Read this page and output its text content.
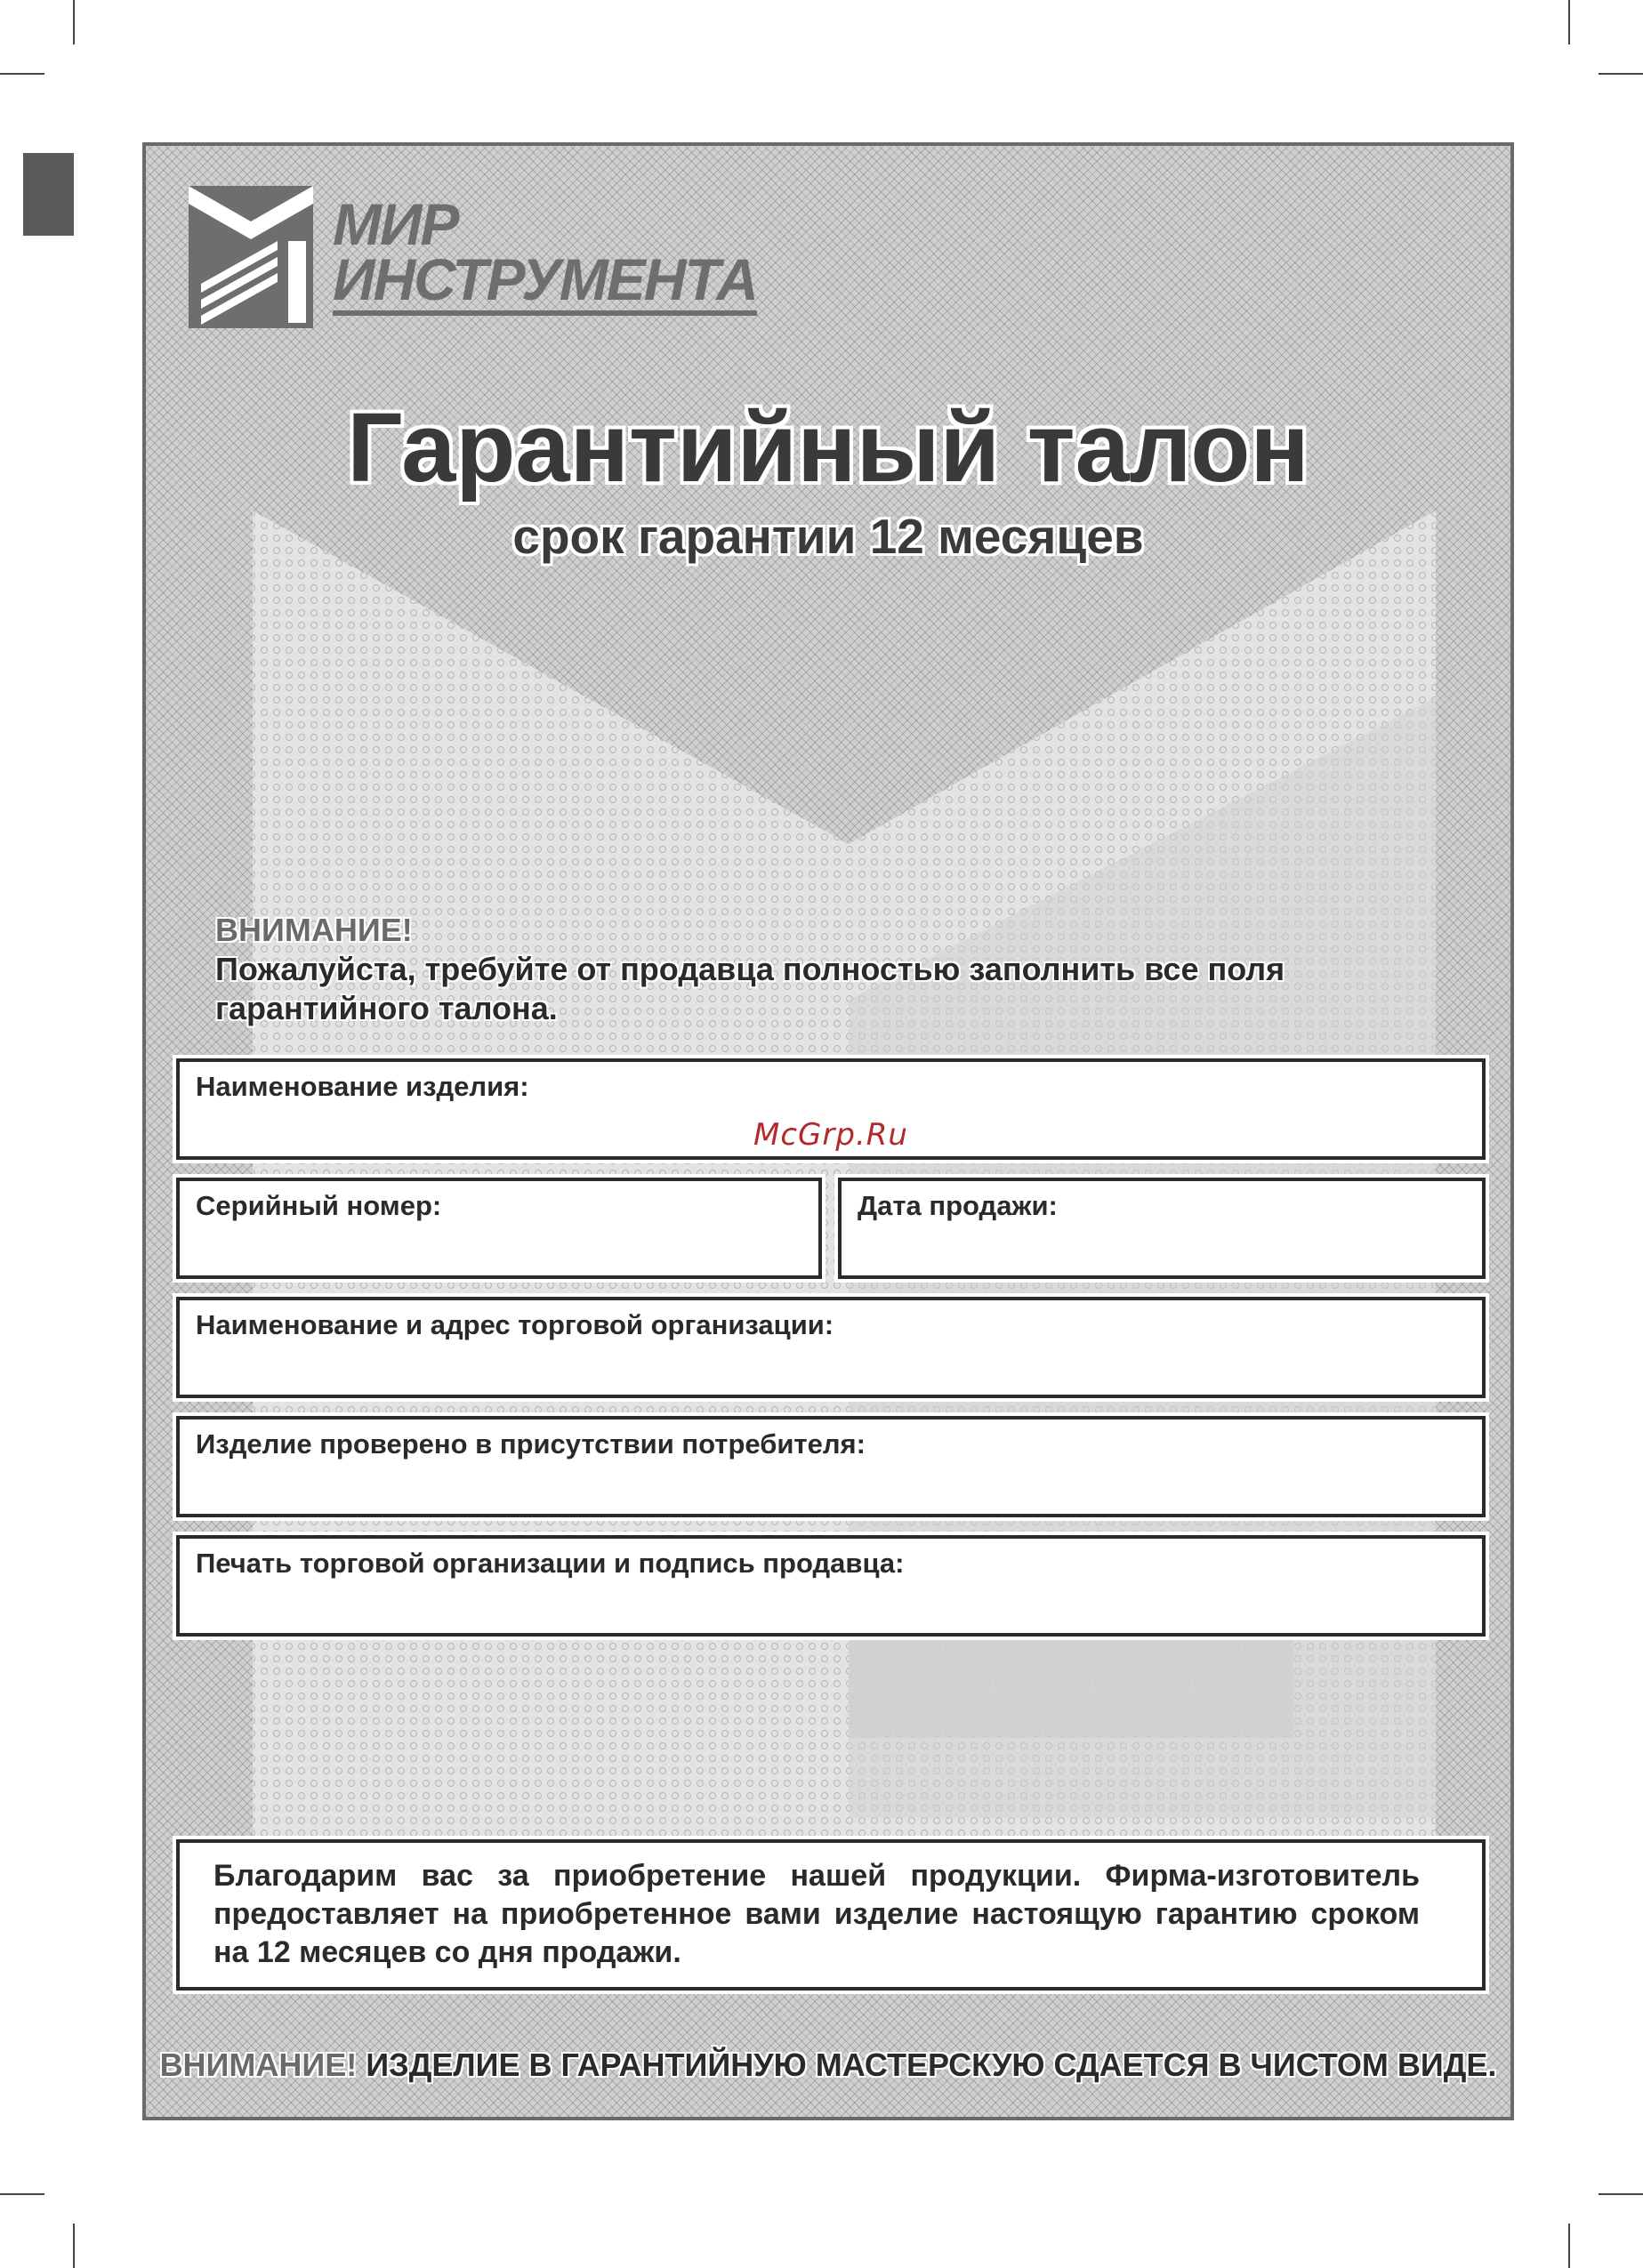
МИР
ИНСТРУМЕНТА
Гарантийный талон
срок гарантии 12 месяцев
ВНИМАНИЕ!
Пожалуйста, требуйте от продавца полностью заполнить все поля гарантийного талона.
Наименование изделия:
McGrp.Ru
Серийный номер:	Дата продажи:
Наименование и адрес торговой организации:
Изделие проверено в присутствии потребителя:
Печать торговой организации и подпись продавца:
Благодарим вас за приобретение нашей продукции. Фирма-изготовитель предоставляет на приобретенное вами изделие настоящую гарантию сроком на 12 месяцев со дня продажи.
ВНИМАНИЕ! ИЗДЕЛИЕ В ГАРАНТИЙНУЮ МАСТЕРСКУЮ СДАЕТСЯ В ЧИСТОМ ВИДЕ.
